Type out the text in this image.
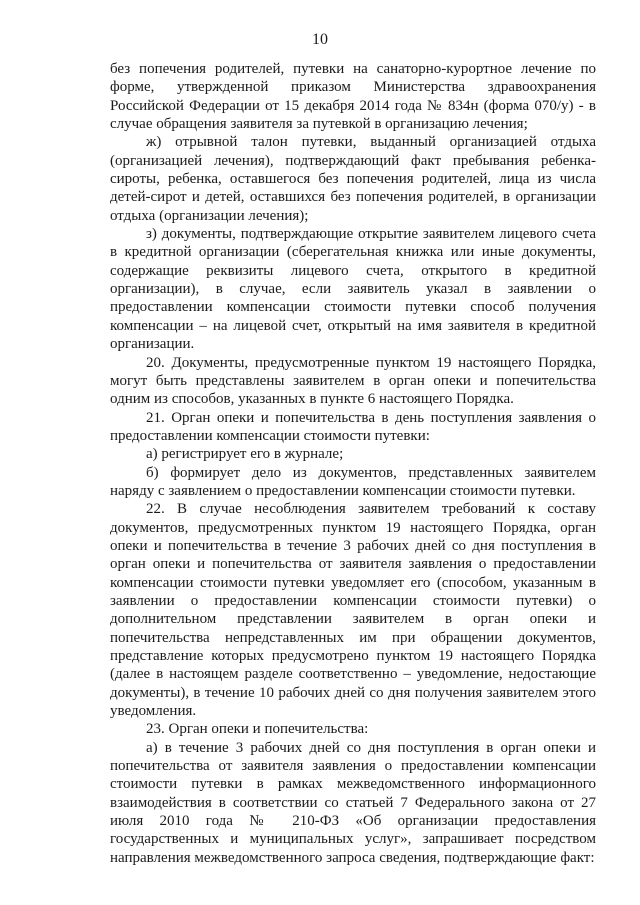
10

без попечения родителей, путевки на санаторно-курортное лечение по форме, утвержденной приказом Министерства здравоохранения Российской Федерации от 15 декабря 2014 года № 834н (форма 070/у) - в случае обращения заявителя за путевкой в организацию лечения;

ж) отрывной талон путевки, выданный организацией отдыха (организацией лечения), подтверждающий факт пребывания ребенка-сироты, ребенка, оставшегося без попечения родителей, лица из числа детей-сирот и детей, оставшихся без попечения родителей, в организации отдыха (организации лечения);

з) документы, подтверждающие открытие заявителем лицевого счета в кредитной организации (сберегательная книжка или иные документы, содержащие реквизиты лицевого счета, открытого в кредитной организации), в случае, если заявитель указал в заявлении о предоставлении компенсации стоимости путевки способ получения компенсации – на лицевой счет, открытый на имя заявителя в кредитной организации.

20. Документы, предусмотренные пунктом 19 настоящего Порядка, могут быть представлены заявителем в орган опеки и попечительства одним из способов, указанных в пункте 6 настоящего Порядка.

21. Орган опеки и попечительства в день поступления заявления о предоставлении компенсации стоимости путевки:

а) регистрирует его в журнале;

б) формирует дело из документов, представленных заявителем наряду с заявлением о предоставлении компенсации стоимости путевки.

22. В случае несоблюдения заявителем требований к составу документов, предусмотренных пунктом 19 настоящего Порядка, орган опеки и попечительства в течение 3 рабочих дней со дня поступления в орган опеки и попечительства от заявителя заявления о предоставлении компенсации стоимости путевки уведомляет его (способом, указанным в заявлении о предоставлении компенсации стоимости путевки) о дополнительном представлении заявителем в орган опеки и попечительства непредставленных им при обращении документов, представление которых предусмотрено пунктом 19 настоящего Порядка (далее в настоящем разделе соответственно – уведомление, недостающие документы), в течение 10 рабочих дней со дня получения заявителем этого уведомления.

23. Орган опеки и попечительства:

а) в течение 3 рабочих дней со дня поступления в орган опеки и попечительства от заявителя заявления о предоставлении компенсации стоимости путевки в рамках межведомственного информационного взаимодействия в соответствии со статьей 7 Федерального закона от 27 июля 2010 года № 210-ФЗ «Об организации предоставления государственных и муниципальных услуг», запрашивает посредством направления межведомственного запроса сведения, подтверждающие факт:
